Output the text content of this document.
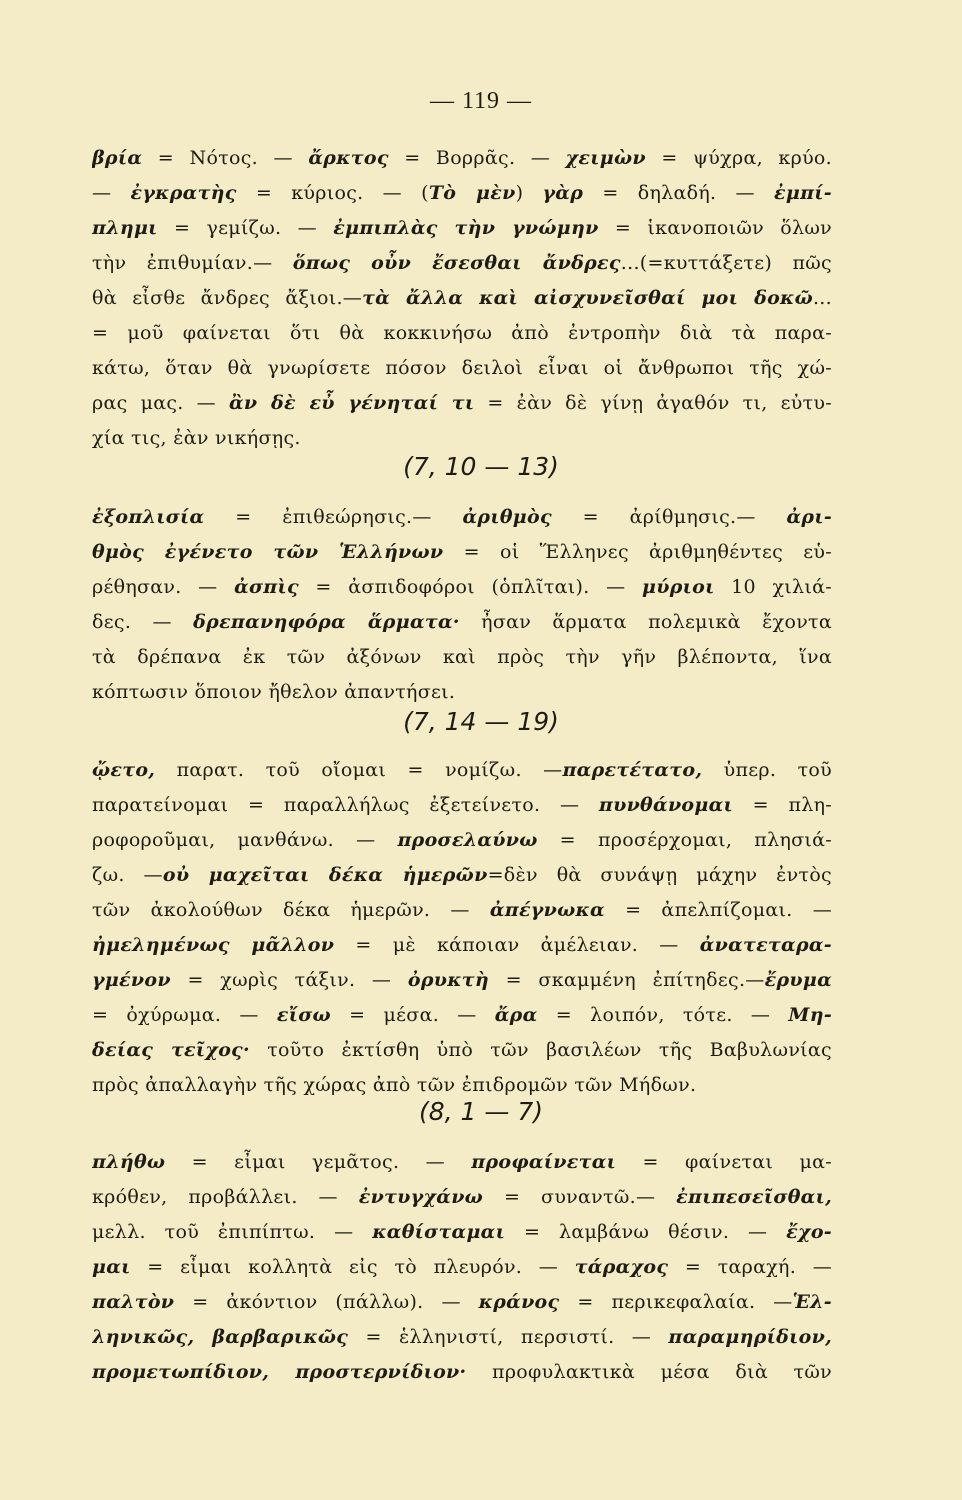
— 119 —
βρία = Νότος. — ἄρκτος = Βορρᾶς. — χειμὼν = ψύχρα, κρύο.
— ἐγκρατὴς = κύριος. — (Τὸ μὲν) γὰρ = δηλαδή. — ἐμπί-
πλημι = γεμίζω. — ἐμπιπλὰς τὴν γνώμην = ἱκανοποιῶν ὅλων
τὴν ἐπιθυμίαν.— ὅπως οὖν ἔσεσθαι ἄνδρες...(=κυττάξετε) πῶς
θὰ εἶσθε ἄνδρες ἄξιοι.—τὰ ἄλλα καὶ αἰσχυνεῖσθαί μοι δοκῶ...
= μοῦ φαίνεται ὅτι θὰ κοκκινήσω ἀπὸ ἐντροπὴν διὰ τὰ παρα-
κάτω, ὅταν θὰ γνωρίσετε πόσον δειλοὶ εἶναι οἱ ἄνθρωποι τῆς χώ-
ρας μας. — ἂν δὲ εὖ γένηταί τι = ἐὰν δὲ γίνῃ ἀγαθόν τι, εὐτυ-
χία τις, ἐὰν νικήσῃς.
(7, 10 — 13)
ἐξοπλισία = ἐπιθεώρησις.— ἀριθμὸς = ἀρίθμησις.— ἀρι-
θμὸς ἐγένετο τῶν Ἑλλήνων = οἱ Ἕλληνες ἀριθμηθέντες εὑ-
ρέθησαν. — ἀσπὶς = ἀσπιδοφόροι (ὁπλῖται). — μύριοι 10 χιλιά-
δες. — δρεπανηφόρα ἅρματα· ἦσαν ἅρματα πολεμικὰ ἔχοντα
τὰ δρέπανα ἐκ τῶν ἀξόνων καὶ πρὸς τὴν γῆν βλέποντα, ἵνα
κόπτωσιν ὅποιον ἤθελον ἀπαντήσει.
(7, 14 — 19)
ᾤετο, παρατ. τοῦ οἴομαι = νομίζω. —παρετέτατο, ὑπερ. τοῦ
παρατείνομαι = παραλλήλως ἐξετείνετο. — πυνθάνομαι = πλη-
ροφοροῦμαι, μανθάνω. — προσελαύνω = προσέρχομαι, πλησιά-
ζω. —οὐ μαχεῖται δέκα ἡμερῶν=δὲν θὰ συνάψῃ μάχην ἐντὸς
τῶν ἀκολούθων δέκα ἡμερῶν. — ἀπέγνωκα = ἀπελπίζομαι. —
ἠμελημένως μᾶλλον = μὲ κάποιαν ἀμέλειαν. — ἀνατεταρα-
γμένον = χωρὶς τάξιν. — ὀρυκτὴ = σκαμμένη ἐπίτηδες.—ἔρυμα
= ὀχύρωμα. — εἴσω = μέσα. — ἄρα = λοιπόν, τότε. — Μη-
δείας τεῖχος· τοῦτο ἐκτίσθη ὑπὸ τῶν βασιλέων τῆς Βαβυλωνίας
πρὸς ἀπαλλαγὴν τῆς χώρας ἀπὸ τῶν ἐπιδρομῶν τῶν Μήδων.
(8, 1 — 7)
πλήθω = εἶμαι γεμᾶτος. — προφαίνεται = φαίνεται μα-
κρόθεν, προβάλλει. — ἐντυγχάνω = συναντῶ.— ἐπιπεσεῖσθαι,
μελλ. τοῦ ἐπιπίπτω. — καθίσταμαι = λαμβάνω θέσιν. — ἔχο-
μαι = εἶμαι κολλητὰ εἰς τὸ πλευρόν. — τάραχος = ταραχή. —
παλτὸν = ἀκόντιον (πάλλω). — κράνος = περικεφαλαία. —Ἑλ-
ληνικῶς, βαρβαρικῶς = ἑλληνιστί, περσιστί. — παραμηρίδιον,
προμετωπίδιον, προστερνίδιον· προφυλακτικὰ μέσα διὰ τῶν
